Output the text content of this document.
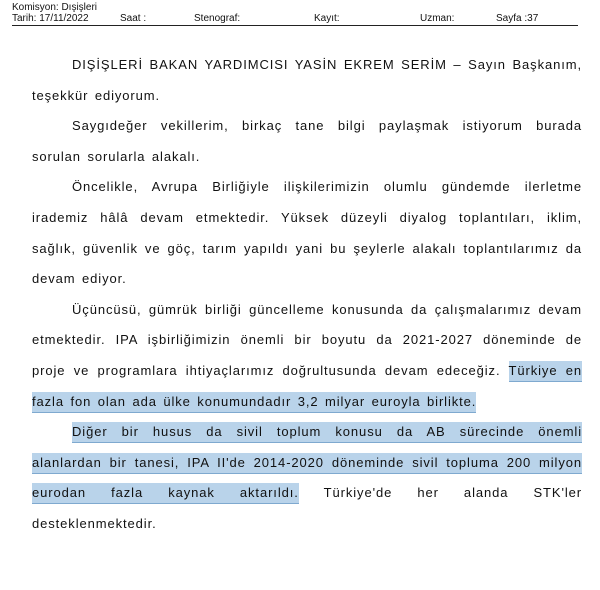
Komisyon: Dışişleri
Tarih: 17/11/2022	Saat :	Stenograf:	Kayıt:	Uzman:	Sayfa :37

DIŞİŞLERİ BAKAN YARDIMCISI YASİN EKREM SERİM – Sayın Başkanım, teşekkür ediyorum.

Saygıdeğer vekillerim, birkaç tane bilgi paylaşmak istiyorum burada sorulan sorularla alakalı.

Öncelikle, Avrupa Birliğiyle ilişkilerimizin olumlu gündemde ilerletme irademiz hâlâ devam etmektedir. Yüksek düzeyli diyalog toplantıları, iklim, sağlık, güvenlik ve göç, tarım yapıldı yani bu şeylerle alakalı toplantılarımız da devam ediyor.

Üçüncüsü, gümrük birliği güncelleme konusunda da çalışmalarımız devam etmektedir. IPA işbirliğimizin önemli bir boyutu da 2021-2027 döneminde de proje ve programlara ihtiyaçlarımız doğrultusunda devam edeceğiz. Türkiye en fazla fon olan ada ülke konumundadır 3,2 milyar euroyla birlikte.

Diğer bir husus da sivil toplum konusu da AB sürecinde önemli alanlardan bir tanesi, IPA II'de 2014-2020 döneminde sivil topluma 200 milyon eurodan fazla kaynak aktarıldı. Türkiye'de her alanda STK'ler desteklenmektedir.
